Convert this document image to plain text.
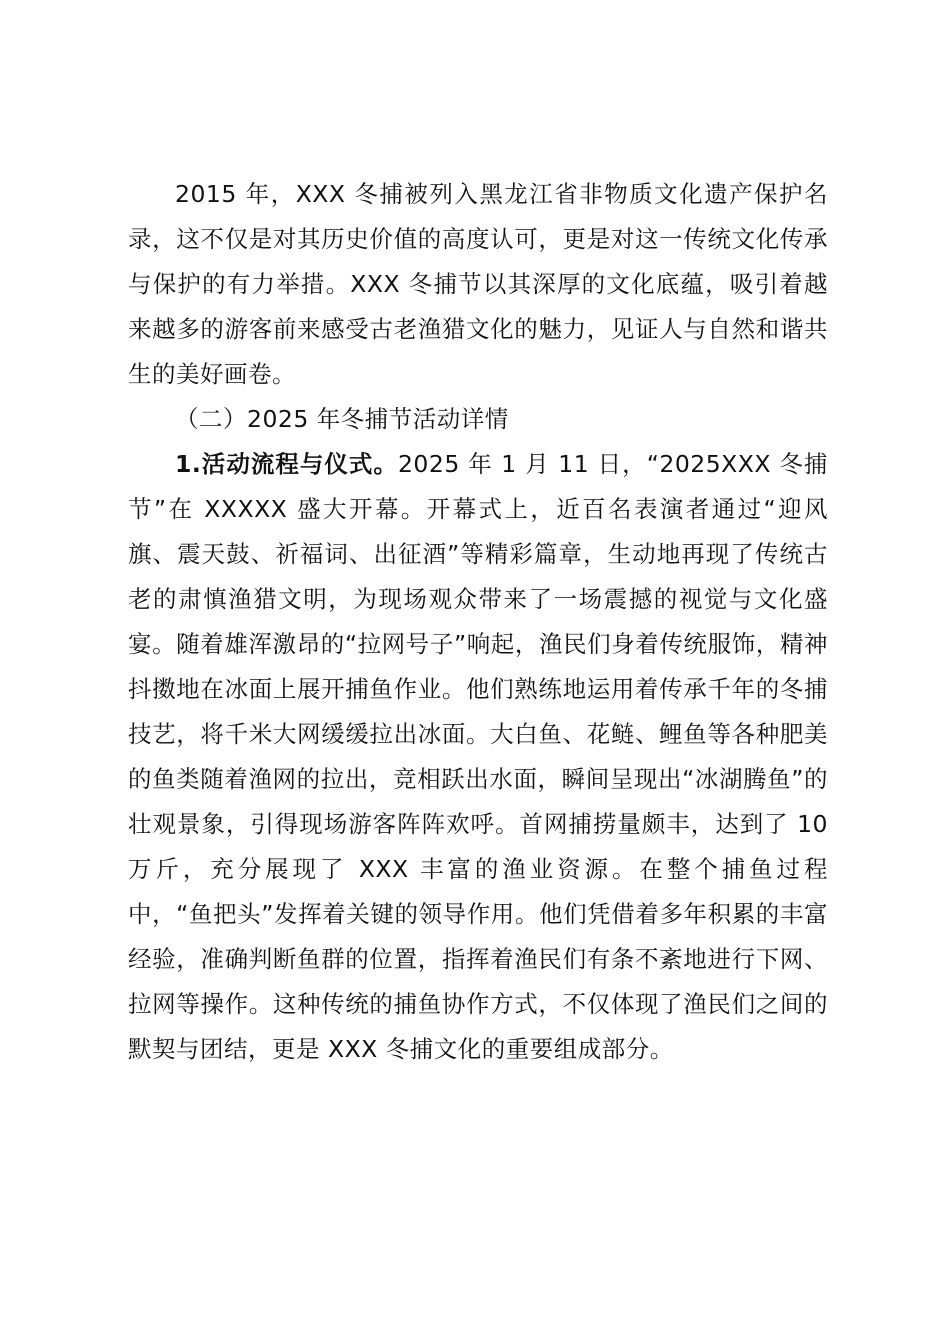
2015 年，XXX 冬捕被列入黑龙江省非物质文化遗产保护名录，这不仅是对其历史价值的高度认可，更是对这一传统文化传承与保护的有力举措。XXX 冬捕节以其深厚的文化底蕴，吸引着越来越多的游客前来感受古老渔猎文化的魅力，见证人与自然和谐共生的美好画卷。

（二）2025 年冬捕节活动详情

1.活动流程与仪式。2025 年 1 月 11 日，“2025XXX 冬捕节”在 XXXXX 盛大开幕。开幕式上，近百名表演者通过“迎风旗、震天鼓、祈福词、出征酒”等精彩篇章，生动地再现了传统古老的肃慎渔猎文明，为现场观众带来了一场震撼的视觉与文化盛宴。随着雄浑激昂的“拉网号子”响起，渔民们身着传统服饰，精神抖擞地在冰面上展开捕鱼作业。他们熟练地运用着传承千年的冬捕技艺，将千米大网缓缓拉出冰面。大白鱼、花鲢、鲤鱼等各种肥美的鱼类随着渔网的拉出，竞相跃出水面，瞬间呈现出“冰湖腾鱼”的壮观景象，引得现场游客阵阵欢呼。首网捕捞量颇丰，达到了 10 万斤，充分展现了 XXX 丰富的渔业资源。在整个捕鱼过程中，“鱼把头”发挥着关键的领导作用。他们凭借着多年积累的丰富经验，准确判断鱼群的位置，指挥着渔民们有条不紊地进行下网、拉网等操作。这种传统的捕鱼协作方式，不仅体现了渔民们之间的默契与团结，更是 XXX 冬捕文化的重要组成部分。
